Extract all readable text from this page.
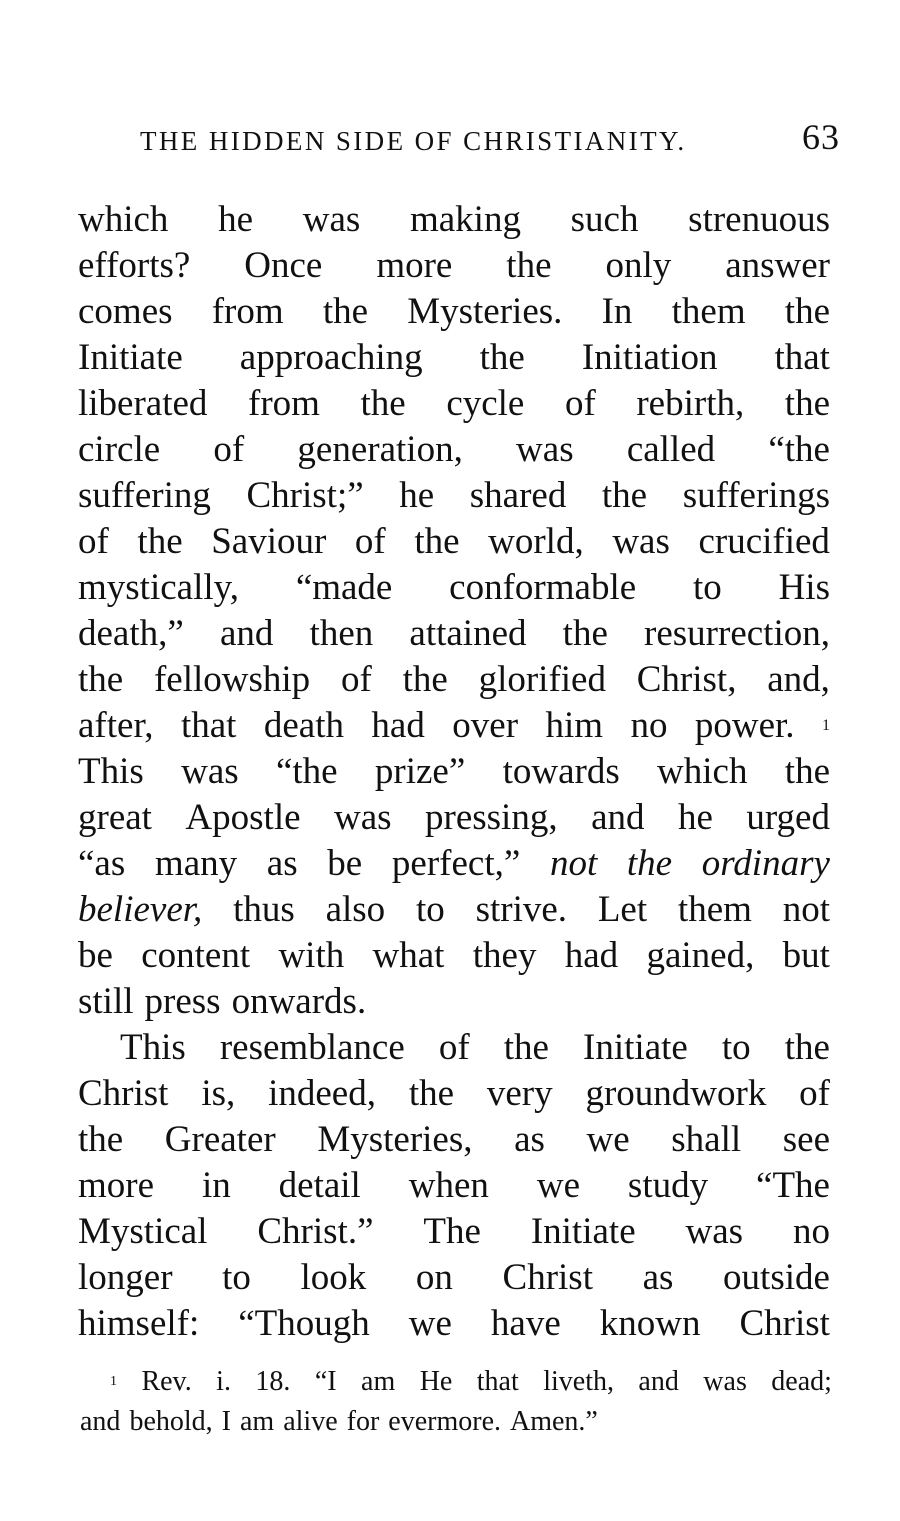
THE HIDDEN SIDE OF CHRISTIANITY.	63
which he was making such strenuous
efforts? Once more the only answer
comes from the Mysteries. In them the
Initiate approaching the Initiation that
liberated from the cycle of rebirth, the
circle of generation, was called “the
suffering Christ;” he shared the sufferings
of the Saviour of the world, was crucified
mystically, “made conformable to His
death,” and then attained the resurrection,
the fellowship of the glorified Christ, and,
after, that death had over him no power. 1
This was “the prize” towards which the
great Apostle was pressing, and he urged
“as many as be perfect,” not the ordinary
believer, thus also to strive. Let them not
be content with what they had gained, but
still press onwards.
This resemblance of the Initiate to the
Christ is, indeed, the very groundwork of
the Greater Mysteries, as we shall see
more in detail when we study “The
Mystical Christ.” The Initiate was no
longer to look on Christ as outside
himself: “Though we have known Christ
1 Rev. i. 18. “I am He that liveth, and was dead;
and behold, I am alive for evermore. Amen.”
